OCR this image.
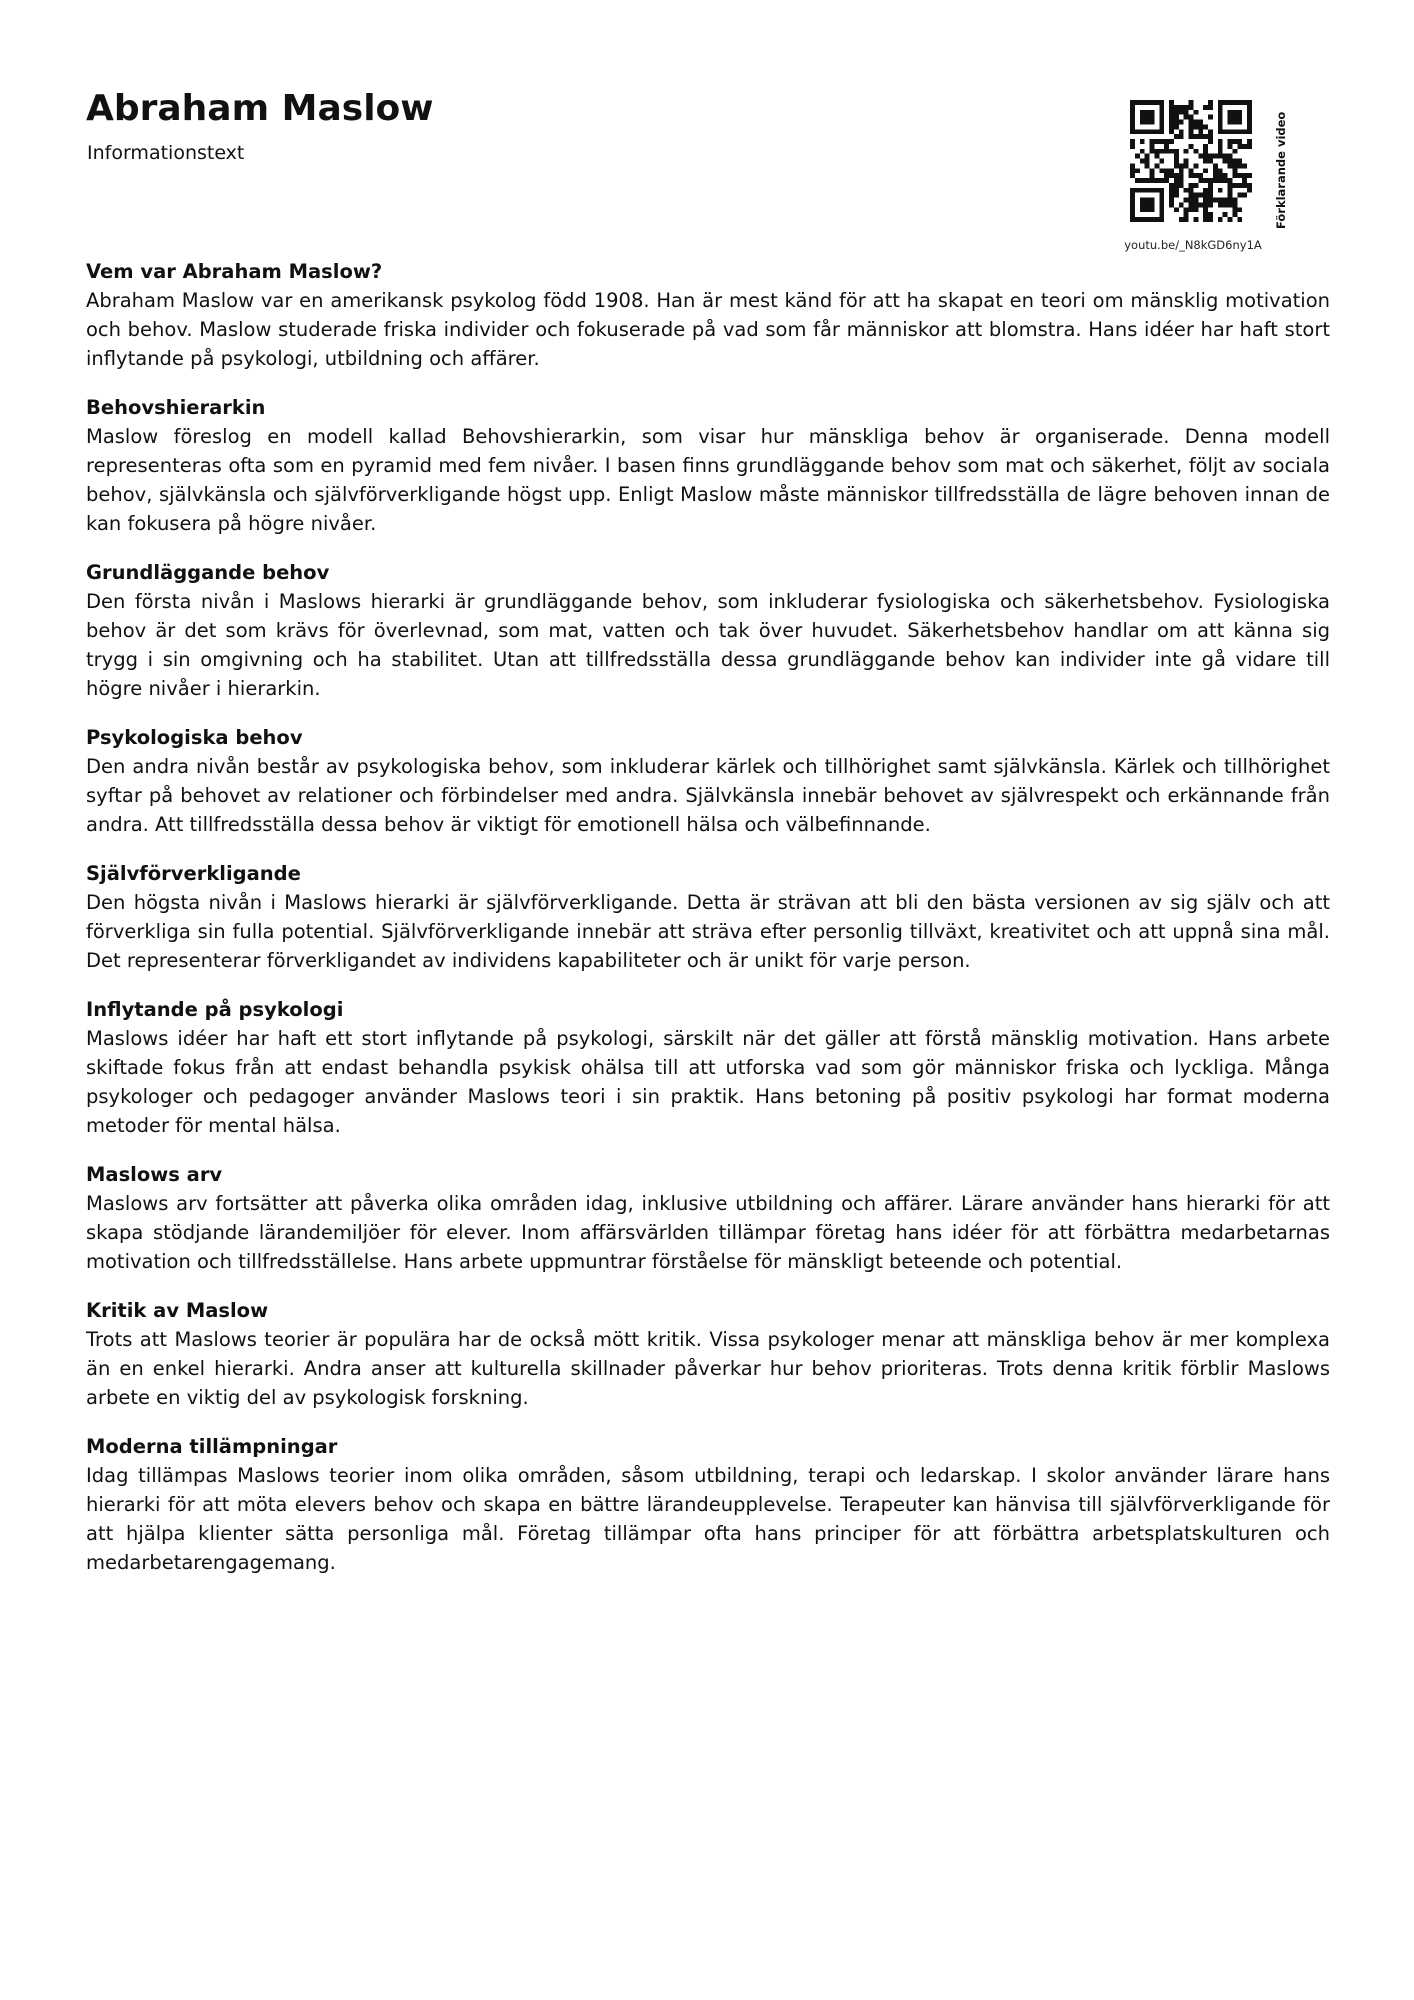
Abraham Maslow

Informationstext	Förklarande video
youtu.be/_N8kGD6ny1A
Vem var Abraham Maslow?

Abraham Maslow var en amerikansk psykolog född 1908. Han är mest känd för att ha skapat en teori om mänsklig motivation och behov. Maslow studerade friska individer och fokuserade på vad som får människor att blomstra. Hans idéer har haft stort inflytande på psykologi, utbildning och affärer.

Behovshierarkin

Maslow föreslog en modell kallad Behovshierarkin, som visar hur mänskliga behov är organiserade. Denna modell representeras ofta som en pyramid med fem nivåer. I basen finns grundläggande behov som mat och säkerhet, följt av sociala behov, självkänsla och självförverkligande högst upp. Enligt Maslow måste människor tillfredsställa de lägre behoven innan de kan fokusera på högre nivåer.

Grundläggande behov

Den första nivån i Maslows hierarki är grundläggande behov, som inkluderar fysiologiska och säkerhetsbehov. Fysiologiska behov är det som krävs för överlevnad, som mat, vatten och tak över huvudet. Säkerhetsbehov handlar om att känna sig trygg i sin omgivning och ha stabilitet. Utan att tillfredsställa dessa grundläggande behov kan individer inte gå vidare till högre nivåer i hierarkin.

Psykologiska behov

Den andra nivån består av psykologiska behov, som inkluderar kärlek och tillhörighet samt självkänsla. Kärlek och tillhörighet syftar på behovet av relationer och förbindelser med andra. Självkänsla innebär behovet av självrespekt och erkännande från andra. Att tillfredsställa dessa behov är viktigt för emotionell hälsa och välbefinnande.

Självförverkligande

Den högsta nivån i Maslows hierarki är självförverkligande. Detta är strävan att bli den bästa versionen av sig själv och att förverkliga sin fulla potential. Självförverkligande innebär att sträva efter personlig tillväxt, kreativitet och att uppnå sina mål. Det representerar förverkligandet av individens kapabiliteter och är unikt för varje person.

Inflytande på psykologi

Maslows idéer har haft ett stort inflytande på psykologi, särskilt när det gäller att förstå mänsklig motivation. Hans arbete skiftade fokus från att endast behandla psykisk ohälsa till att utforska vad som gör människor friska och lyckliga. Många psykologer och pedagoger använder Maslows teori i sin praktik. Hans betoning på positiv psykologi har format moderna metoder för mental hälsa.

Maslows arv

Maslows arv fortsätter att påverka olika områden idag, inklusive utbildning och affärer. Lärare använder hans hierarki för att skapa stödjande lärandemiljöer för elever. Inom affärsvärlden tillämpar företag hans idéer för att förbättra medarbetarnas motivation och tillfredsställelse. Hans arbete uppmuntrar förståelse för mänskligt beteende och potential.

Kritik av Maslow

Trots att Maslows teorier är populära har de också mött kritik. Vissa psykologer menar att mänskliga behov är mer komplexa än en enkel hierarki. Andra anser att kulturella skillnader påverkar hur behov prioriteras. Trots denna kritik förblir Maslows arbete en viktig del av psykologisk forskning.

Moderna tillämpningar

Idag tillämpas Maslows teorier inom olika områden, såsom utbildning, terapi och ledarskap. I skolor använder lärare hans hierarki för att möta elevers behov och skapa en bättre lärandeupplevelse. Terapeuter kan hänvisa till självförverkligande för att hjälpa klienter sätta personliga mål. Företag tillämpar ofta hans principer för att förbättra arbetsplatskulturen och medarbetarengagemang.
